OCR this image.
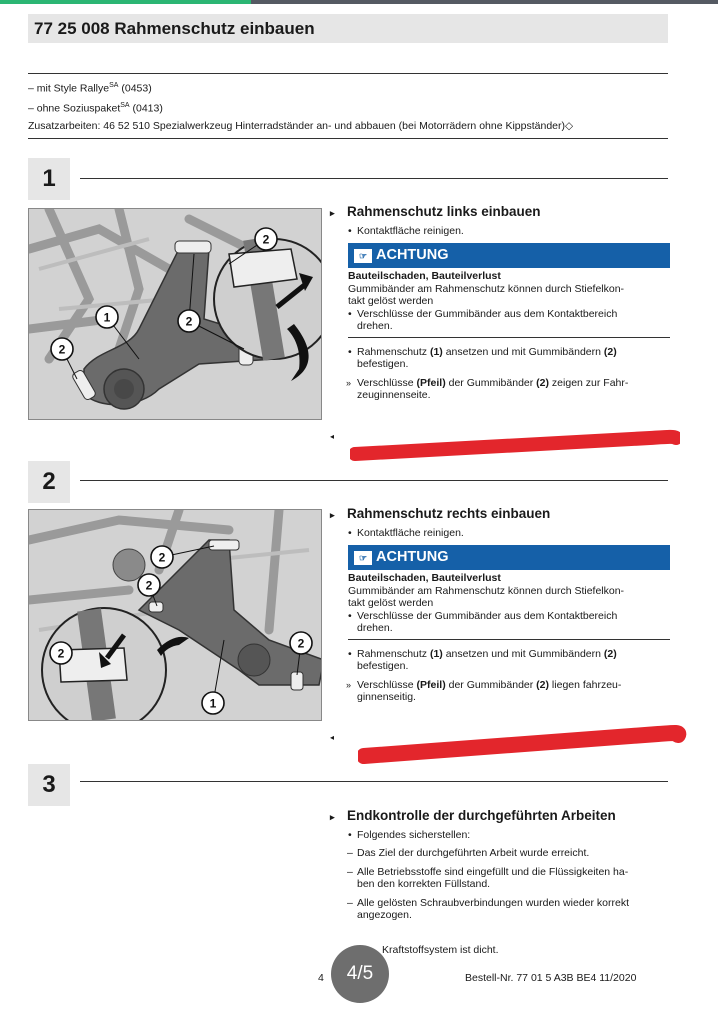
77 25 008 Rahmenschutz einbauen
– mit Style Rallye$^{SA}$ (0453)
– ohne Soziuspaket$^{SA}$ (0413)
Zusatzarbeiten: 46 52 510 Spezialwerkzeug Hinterradständer an- und abbauen (bei Motorrädern ohne Kippständer)◇
1
2
1	2
2
▸ Rahmenschutz links einbauen
• Kontaktfläche reinigen.
☞ ACHTUNG
Bauteilschaden, Bauteilverlust
Gummibänder am Rahmenschutz können durch Stiefelkon-
takt gelöst werden
• Verschlüsse der Gummibänder aus dem Kontaktbereich
drehen.
• Rahmenschutz (1) ansetzen und mit Gummibändern (2)
befestigen.
» Verschlüsse (Pfeil) der Gummibänder (2) zeigen zur Fahr-
zeuginnenseite.
◂
2
2
2
2
2
1
▸ Rahmenschutz rechts einbauen
• Kontaktfläche reinigen.
☞ ACHTUNG
Bauteilschaden, Bauteilverlust
Gummibänder am Rahmenschutz können durch Stiefelkon-
takt gelöst werden
• Verschlüsse der Gummibänder aus dem Kontaktbereich
drehen.
• Rahmenschutz (1) ansetzen und mit Gummibändern (2)
befestigen.
» Verschlüsse (Pfeil) der Gummibänder (2) liegen fahrzeu-
ginnenseitig.
◂
3
▸ Endkontrolle der durchgeführten Arbeiten
• Folgendes sicherstellen:
– Das Ziel der durchgeführten Arbeit wurde erreicht.
– Alle Betriebsstoffe sind eingefüllt und die Flüssigkeiten ha-
ben den korrekten Füllstand.
– Alle gelösten Schraubverbindungen wurden wieder korrekt
angezogen.
Kraftstoffsystem ist dicht.
4	Bestell-Nr. 77 01 5 A3B BE4 11/2020
4/5
